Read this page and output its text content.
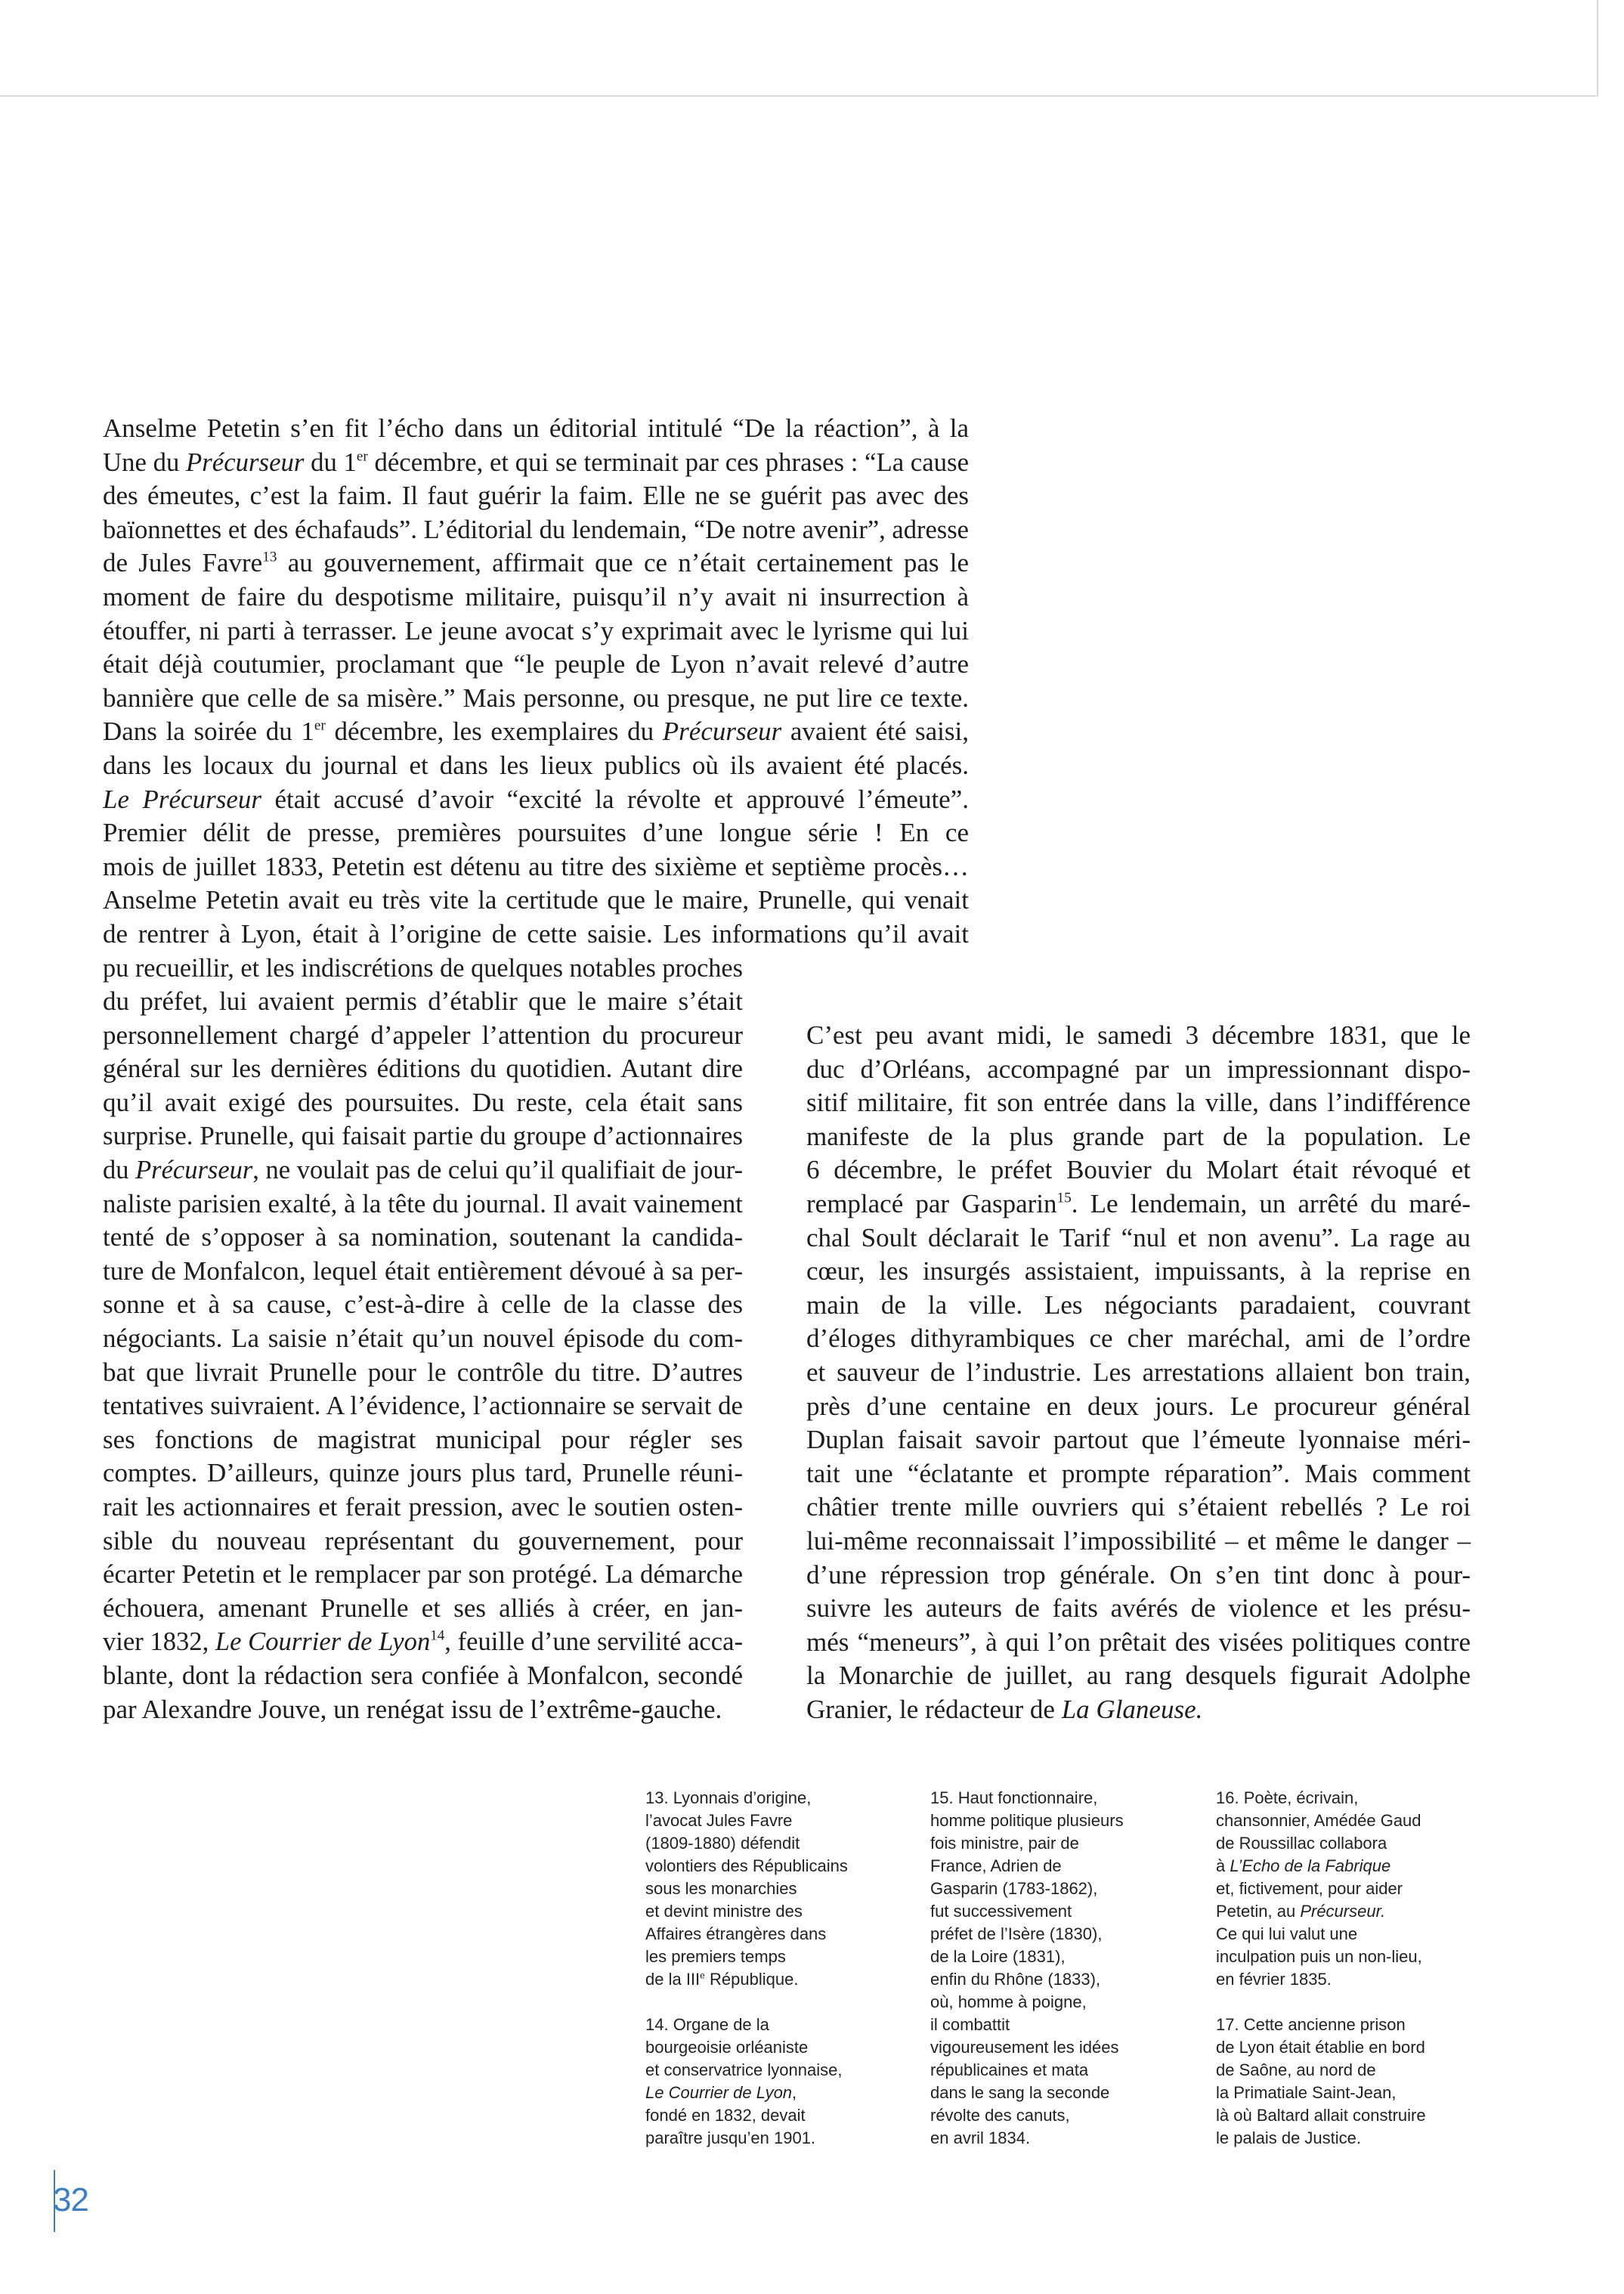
Anselme Petetin s’en fit l’écho dans un éditorial intitulé “De la réaction”, à la
Une du Précurseur du 1er décembre, et qui se terminait par ces phrases : “La cause
des émeutes, c’est la faim. Il faut guérir la faim. Elle ne se guérit pas avec des
baïonnettes et des échafauds”. L’éditorial du lendemain, “De notre avenir”, adresse
de Jules Favre$^{13}$ au gouvernement, affirmait que ce n’était certainement pas le
moment de faire du despotisme militaire, puisqu’il n’y avait ni insurrection à
étouffer, ni parti à terrasser. Le jeune avocat s’y exprimait avec le lyrisme qui lui
était déjà coutumier, proclamant que “le peuple de Lyon n’avait relevé d’autre
bannière que celle de sa misère.” Mais personne, ou presque, ne put lire ce texte.
Dans la soirée du 1er décembre, les exemplaires du Précurseur avaient été saisi,
dans les locaux du journal et dans les lieux publics où ils avaient été placés.
Le Précurseur était accusé d’avoir “excité la révolte et approuvé l’émeute”.
Premier délit de presse, premières poursuites d’une longue série ! En ce
mois de juillet 1833, Petetin est détenu au titre des sixième et septième procès…
Anselme Petetin avait eu très vite la certitude que le maire, Prunelle, qui venait
de rentrer à Lyon, était à l’origine de cette saisie. Les informations qu’il avait
pu recueillir, et les indiscrétions de quelques notables proches
du préfet, lui avaient permis d’établir que le maire s’était
personnellement chargé d’appeler l’attention du procureur
général sur les dernières éditions du quotidien. Autant dire
qu’il avait exigé des poursuites. Du reste, cela était sans
surprise. Prunelle, qui faisait partie du groupe d’actionnaires
du Précurseur, ne voulait pas de celui qu’il qualifiait de jour-
naliste parisien exalté, à la tête du journal. Il avait vainement
tenté de s’opposer à sa nomination, soutenant la candida-
ture de Monfalcon, lequel était entièrement dévoué à sa per-
sonne et à sa cause, c’est-à-dire à celle de la classe des
négociants. La saisie n’était qu’un nouvel épisode du com-
bat que livrait Prunelle pour le contrôle du titre. D’autres
tentatives suivraient. A l’évidence, l’actionnaire se servait de
ses fonctions de magistrat municipal pour régler ses
comptes. D’ailleurs, quinze jours plus tard, Prunelle réuni-
rait les actionnaires et ferait pression, avec le soutien osten-
sible du nouveau représentant du gouvernement, pour
écarter Petetin et le remplacer par son protégé. La démarche
échouera, amenant Prunelle et ses alliés à créer, en jan-
vier 1832, Le Courrier de Lyon$^{14}$, feuille d’une servilité acca-
blante, dont la rédaction sera confiée à Monfalcon, secondé
par Alexandre Jouve, un renégat issu de l’extrême-gauche.
C’est peu avant midi, le samedi 3 décembre 1831, que le
duc d’Orléans, accompagné par un impressionnant dispo-
sitif militaire, fit son entrée dans la ville, dans l’indifférence
manifeste de la plus grande part de la population. Le
6 décembre, le préfet Bouvier du Molart était révoqué et
remplacé par Gasparin$^{15}$. Le lendemain, un arrêté du maré-
chal Soult déclarait le Tarif “nul et non avenu”. La rage au
cœur, les insurgés assistaient, impuissants, à la reprise en
main de la ville. Les négociants paradaient, couvrant
d’éloges dithyrambiques ce cher maréchal, ami de l’ordre
et sauveur de l’industrie. Les arrestations allaient bon train,
près d’une centaine en deux jours. Le procureur général
Duplan faisait savoir partout que l’émeute lyonnaise méri-
tait une “éclatante et prompte réparation”. Mais comment
châtier trente mille ouvriers qui s’étaient rebellés ? Le roi
lui-même reconnaissait l’impossibilité – et même le danger –
d’une répression trop générale. On s’en tint donc à pour-
suivre les auteurs de faits avérés de violence et les présu-
més “meneurs”, à qui l’on prêtait des visées politiques contre
la Monarchie de juillet, au rang desquels figurait Adolphe
Granier, le rédacteur de La Glaneuse.
13. Lyonnais d’origine,
l’avocat Jules Favre
(1809-1880) défendit
volontiers des Républicains
sous les monarchies
et devint ministre des
Affaires étrangères dans
les premiers temps
de la IIIe République.
14. Organe de la
bourgeoisie orléaniste
et conservatrice lyonnaise,
Le Courrier de Lyon,
fondé en 1832, devait
paraître jusqu’en 1901.
15. Haut fonctionnaire,
homme politique plusieurs
fois ministre, pair de
France, Adrien de
Gasparin (1783-1862),
fut successivement
préfet de l’Isère (1830),
de la Loire (1831),
enfin du Rhône (1833),
où, homme à poigne,
il combattit
vigoureusement les idées
républicaines et mata
dans le sang la seconde
révolte des canuts,
en avril 1834.
16. Poète, écrivain,
chansonnier, Amédée Gaud
de Roussillac collabora
à L’Echo de la Fabrique
et, fictivement, pour aider
Petetin, au Précurseur.
Ce qui lui valut une
inculpation puis un non-lieu,
en février 1835.
17. Cette ancienne prison
de Lyon était établie en bord
de Saône, au nord de
la Primatiale Saint-Jean,
là où Baltard allait construire
le palais de Justice.
32
